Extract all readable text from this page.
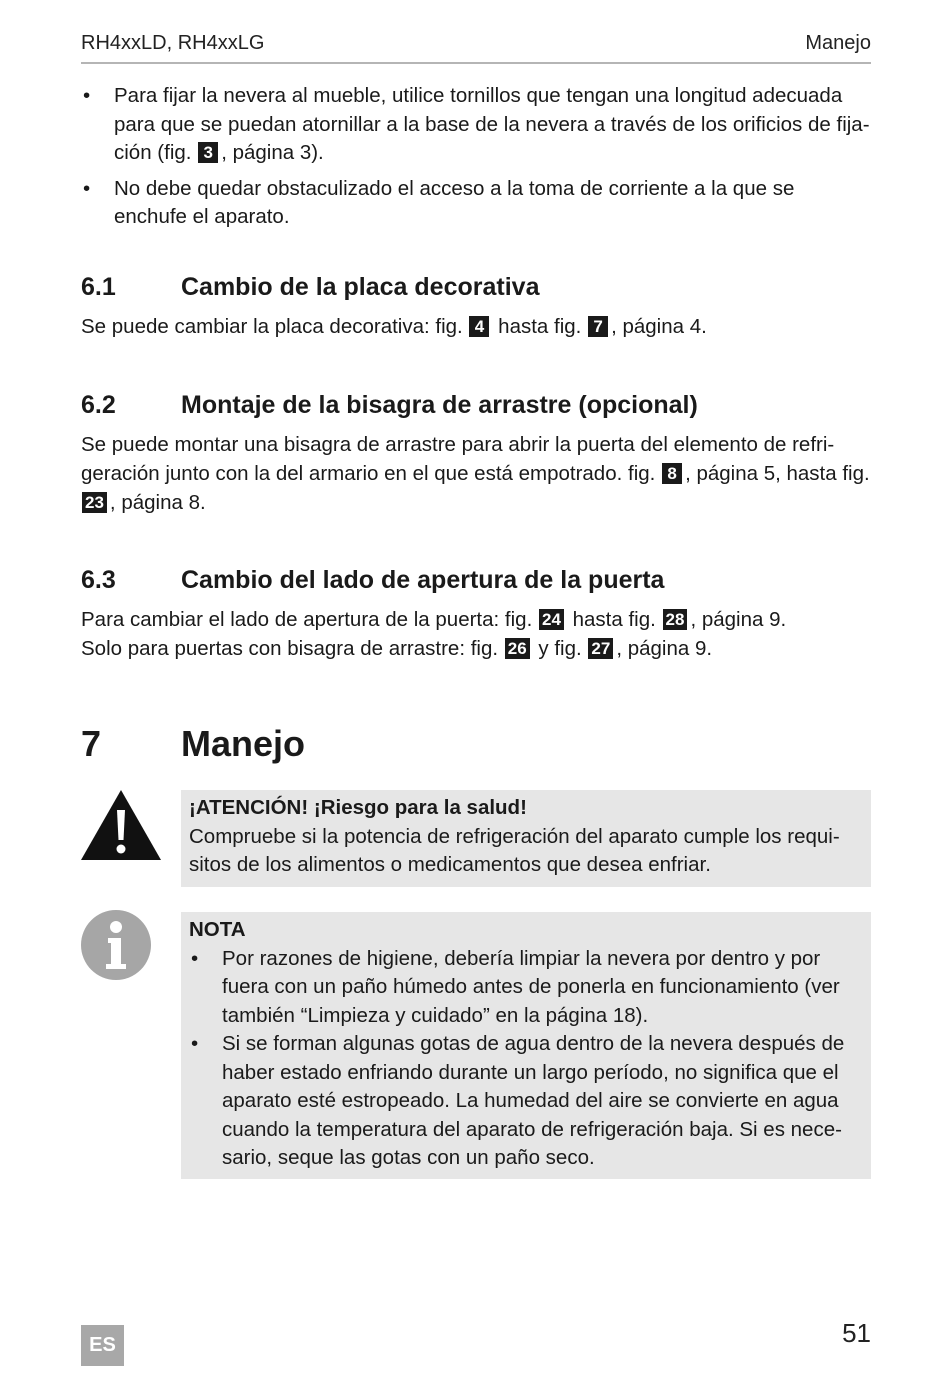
RH4xxLD, RH4xxLG	Manejo
• Para fijar la nevera al mueble, utilice tornillos que tengan una longitud adecuada para que se puedan atornillar a la base de la nevera a través de los orificios de fija-ción (fig. 3 , página 3).
• No debe quedar obstaculizado el acceso a la toma de corriente a la que se enchufe el aparato.
6.1	Cambio de la placa decorativa

Se puede cambiar la placa decorativa: fig. 4 hasta fig. 7 , página 4.

6.2	Montaje de la bisagra de arrastre (opcional)

Se puede montar una bisagra de arrastre para abrir la puerta del elemento de refri-geración junto con la del armario en el que está empotrado. fig. 8 , página 5, hasta fig. 23 , página 8.

6.3	Cambio del lado de apertura de la puerta

Para cambiar el lado de apertura de la puerta: fig. 24 hasta fig. 28 , página 9.
Solo para puertas con bisagra de arrastre: fig. 26 y fig. 27 , página 9.

7 Manejo
¡ATENCIÓN! ¡Riesgo para la salud!
Compruebe si la potencia de refrigeración del aparato cumple los requi-sitos de los alimentos o medicamentos que desea enfriar.
NOTA
• Por razones de higiene, debería limpiar la nevera por dentro y por fuera con un paño húmedo antes de ponerla en funcionamiento (ver también “Limpieza y cuidado” en la página 18).
• Si se forman algunas gotas de agua dentro de la nevera después de haber estado enfriando durante un largo período, no significa que el aparato esté estropeado. La humedad del aire se convierte en agua cuando la temperatura del aparato de refrigeración baja. Si es nece-sario, seque las gotas con un paño seco.
ES	51
